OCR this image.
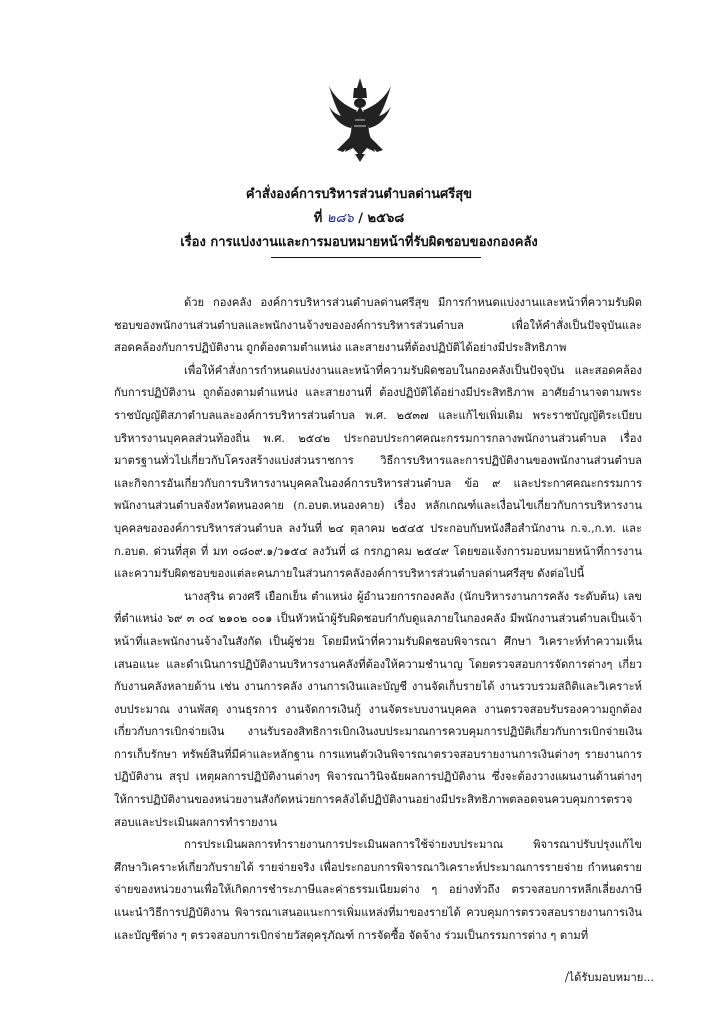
คำสั่งองค์การบริหารส่วนตำบลด่านศรีสุข
ที่ ๒๘๖ / ๒๕๖๘
เรื่อง การแบ่งงานและการมอบหมายหน้าที่รับผิดชอบของกองคลัง

ด้วย กองคลัง องค์การบริหารส่วนตำบลด่านศรีสุข มีการกำหนดแบ่งงานและหน้าที่ความรับผิดชอบของพนักงานส่วนตำบลและพนักงานจ้างขององค์การบริหารส่วนตำบล เพื่อให้คำสั่งเป็นปัจจุบันและสอดคล้องกับการปฏิบัติงาน ถูกต้องตามตำแหน่ง และสายงานที่ต้องปฏิบัติได้อย่างมีประสิทธิภาพ

เพื่อให้คำสั่งการกำหนดแบ่งงานและหน้าที่ความรับผิดชอบในกองคลังเป็นปัจจุบัน และสอดคล้องกับการปฏิบัติงาน ถูกต้องตามตำแหน่ง และสายงานที่ ต้องปฏิบัติได้อย่างมีประสิทธิภาพ อาศัยอำนาจตามพระราชบัญญัติสภาตำบลและองค์การบริหารส่วนตำบล พ.ศ. ๒๕๓๗ และแก้ไขเพิ่มเติม พระราชบัญญัติระเบียบบริหารงานบุคคลส่วนท้องถิ่น พ.ศ. ๒๕๔๒ ประกอบประกาศคณะกรรมการกลางพนักงานส่วนตำบล เรื่อง มาตรฐานทั่วไปเกี่ยวกับโครงสร้างแบ่งส่วนราชการ วิธีการบริหารและการปฏิบัติงานของพนักงานส่วนตำบล และกิจการอันเกี่ยวกับการบริหารงานบุคคลในองค์การบริหารส่วนตำบล ข้อ ๙ และประกาศคณะกรรมการพนักงานส่วนตำบลจังหวัดหนองคาย (ก.อบต.หนองคาย) เรื่อง หลักเกณฑ์และเงื่อนไขเกี่ยวกับการบริหารงานบุคคลขององค์การบริหารส่วนตำบล ลงวันที่ ๒๔ ตุลาคม ๒๕๔๕ ประกอบกับหนังสือสำนักงาน ก.จ.,ก.ท. และ ก.อบต. ด่วนที่สุด ที่ มท ๐๘๐๙.๑/ว๑๕๔ ลงวันที่ ๘ กรกฎาคม ๒๕๔๙ โดยขอแจ้งการมอบหมายหน้าที่การงานและความรับผิดชอบของแต่ละคนภายในส่วนการคลังองค์การบริหารส่วนตำบลด่านศรีสุข ดังต่อไปนี้

นางสุริน ดวงศรี เยือกเย็น ตำแหน่ง ผู้อำนวยการกองคลัง (นักบริหารงานการคลัง ระดับต้น) เลขที่ตำแหน่ง ๖๙ ๓ ๐๔ ๒๑๐๒ ๐๐๑ เป็นหัวหน้าผู้รับผิดชอบกำกับดูแลภายในกองคลัง มีพนักงานส่วนตำบลเป็นเจ้าหน้าที่และพนักงานจ้างในสังกัด เป็นผู้ช่วย โดยมีหน้าที่ความรับผิดชอบพิจารณา ศึกษา วิเคราะห์ทำความเห็นเสนอแนะ และดำเนินการปฏิบัติงานบริหารงานคลังที่ต้องให้ความชำนาญ โดยตรวจสอบการจัดการต่างๆ เกี่ยวกับงานคลังหลายด้าน เช่น งานการคลัง งานการเงินและบัญชี งานจัดเก็บรายได้ งานรวบรวมสถิติและวิเคราะห์งบประมาณ งานพัสดุ งานธุรการ งานจัดการเงินกู้ งานจัดระบบงานบุคคล งานตรวจสอบรับรองความถูกต้องเกี่ยวกับการเบิกจ่ายเงิน งานรับรองสิทธิการเบิกเงินงบประมาณการควบคุมการปฏิบัติเกี่ยวกับการเบิกจ่ายเงิน การเก็บรักษา ทรัพย์สินที่มีค่าและหลักฐาน การแทนตัวเงินพิจารณาตรวจสอบรายงานการเงินต่างๆ รายงานการปฏิบัติงาน สรุป เหตุผลการปฏิบัติงานต่างๆ พิจารณาวินิจฉัยผลการปฏิบัติงาน ซึ่งจะต้องวางแผนงานด้านต่างๆ ให้การปฏิบัติงานของหน่วยงานสังกัดหน่วยการคลังได้ปฏิบัติงานอย่างมีประสิทธิภาพตลอดจนควบคุมการตรวจสอบและประเมินผลการทำรายงาน

การประเมินผลการทำรายงานการประเมินผลการใช้จ่ายงบประมาณ พิจารณาปรับปรุงแก้ไข ศึกษาวิเคราะห์เกี่ยวกับรายได้ รายจ่ายจริง เพื่อประกอบการพิจารณาวิเคราะห์ประมาณการรายจ่าย กำหนดรายจ่ายของหน่วยงานเพื่อให้เกิดการชำระภาษีและค่าธรรมเนียมต่าง ๆ อย่างทั่วถึง ตรวจสอบการหลีกเลี่ยงภาษีแนะนำวิธีการปฏิบัติงาน พิจารณาเสนอแนะการเพิ่มแหล่งที่มาของรายได้ ควบคุมการตรวจสอบรายงานการเงินและบัญชีต่าง ๆ ตรวจสอบการเบิกจ่ายวัสดุครุภัณฑ์ การจัดซื้อ จัดจ้าง ร่วมเป็นกรรมการต่าง ๆ ตามที่

/ได้รับมอบหมาย...
